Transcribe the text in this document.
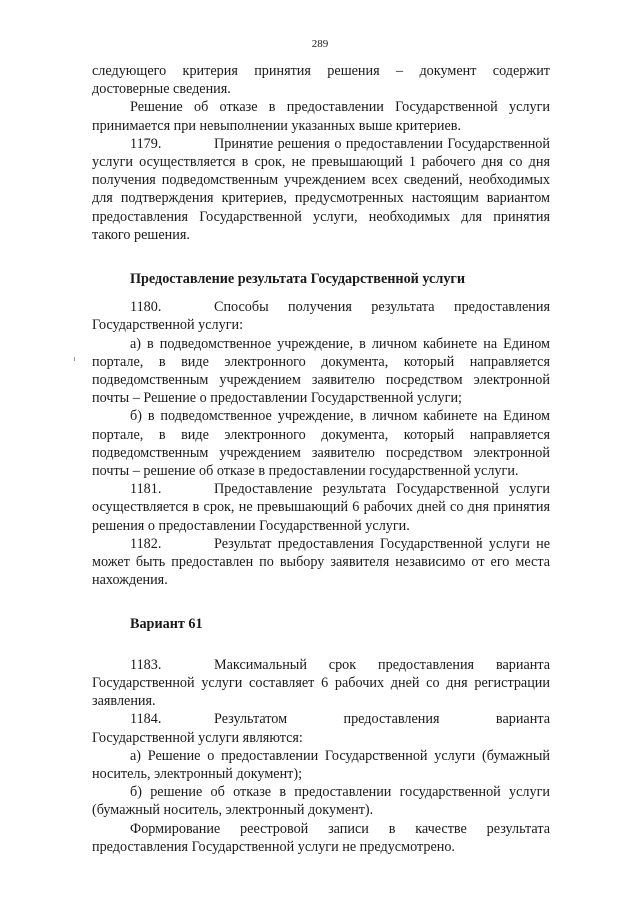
289

следующего критерия принятия решения – документ содержит достоверные сведения.

Решение об отказе в предоставлении Государственной услуги принимается при невыполнении указанных выше критериев.

1179.	Принятие решения о предоставлении Государственной услуги осуществляется в срок, не превышающий 1 рабочего дня со дня получения подведомственным учреждением всех сведений, необходимых для подтверждения критериев, предусмотренных настоящим вариантом предоставления Государственной услуги, необходимых для принятия такого решения.

Предоставление результата Государственной услуги

1180.	Способы получения результата предоставления Государственной услуги:

а) в подведомственное учреждение, в личном кабинете на Едином портале, в виде электронного документа, который направляется подведомственным учреждением заявителю посредством электронной почты – Решение о предоставлении Государственной услуги;

б) в подведомственное учреждение, в личном кабинете на Едином портале, в виде электронного документа, который направляется подведомственным учреждением заявителю посредством электронной почты – решение об отказе в предоставлении государственной услуги.

1181.	Предоставление результата Государственной услуги осуществляется в срок, не превышающий 6 рабочих дней со дня принятия решения о предоставлении Государственной услуги.

1182.	Результат предоставления Государственной услуги не может быть предоставлен по выбору заявителя независимо от его места нахождения.

Вариант 61

1183.	Максимальный срок предоставления варианта Государственной услуги составляет 6 рабочих дней со дня регистрации заявления.

1184.	Результатом предоставления варианта Государственной услуги являются:

а) Решение о предоставлении Государственной услуги (бумажный носитель, электронный документ);

б) решение об отказе в предоставлении государственной услуги (бумажный носитель, электронный документ).

Формирование реестровой записи в качестве результата предоставления Государственной услуги не предусмотрено.
